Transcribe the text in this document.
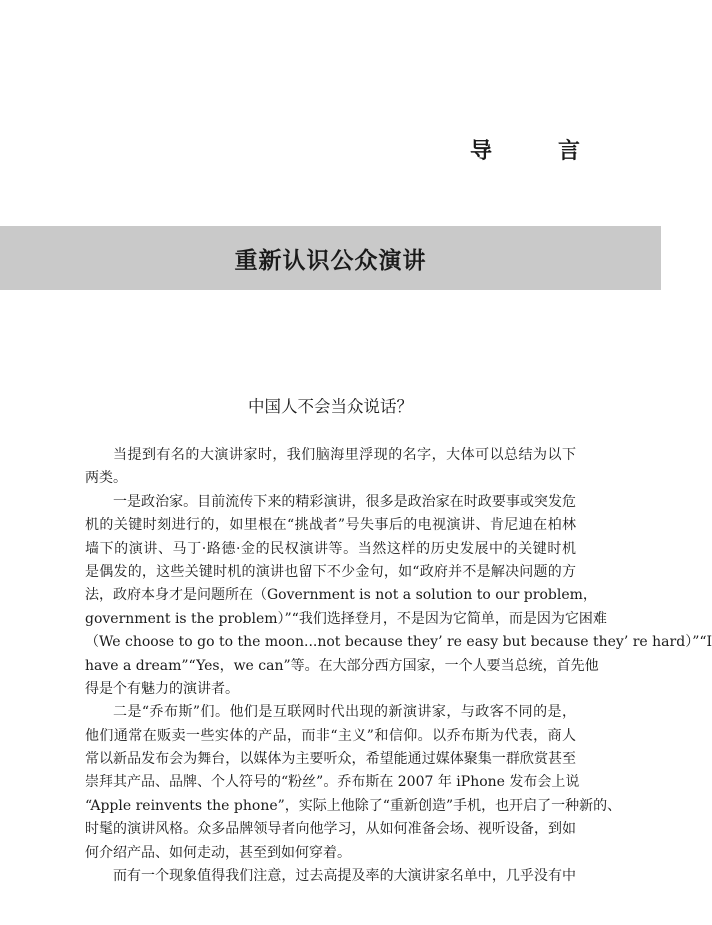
导	言
重新认识公众演讲
中国人不会当众说话？
当提到有名的大演讲家时，我们脑海里浮现的名字，大体可以总结为以下
两类。
一是政治家。目前流传下来的精彩演讲，很多是政治家在时政要事或突发危
机的关键时刻进行的，如里根在“挑战者”号失事后的电视演讲、肯尼迪在柏林
墙下的演讲、马丁·路德·金的民权演讲等。当然这样的历史发展中的关键时机
是偶发的，这些关键时机的演讲也留下不少金句，如“政府并不是解决问题的方
法，政府本身才是问题所在（Government is not a solution to our problem，
government is the problem）”“我们选择登月，不是因为它简单，而是因为它困难
（We choose to go to the moon...not because they’ re easy but because they’ re hard）”“I
have a dream”“Yes，we can”等。在大部分西方国家，一个人要当总统，首先他
得是个有魅力的演讲者。
二是“乔布斯”们。他们是互联网时代出现的新演讲家，与政客不同的是，
他们通常在贩卖一些实体的产品，而非“主义”和信仰。以乔布斯为代表，商人
常以新品发布会为舞台，以媒体为主要听众，希望能通过媒体聚集一群欣赏甚至
崇拜其产品、品牌、个人符号的“粉丝”。乔布斯在 2007 年 iPhone 发布会上说
“Apple reinvents the phone”，实际上他除了“重新创造”手机，也开启了一种新的、
时髦的演讲风格。众多品牌领导者向他学习，从如何准备会场、视听设备，到如
何介绍产品、如何走动，甚至到如何穿着。
而有一个现象值得我们注意，过去高提及率的大演讲家名单中，几乎没有中
